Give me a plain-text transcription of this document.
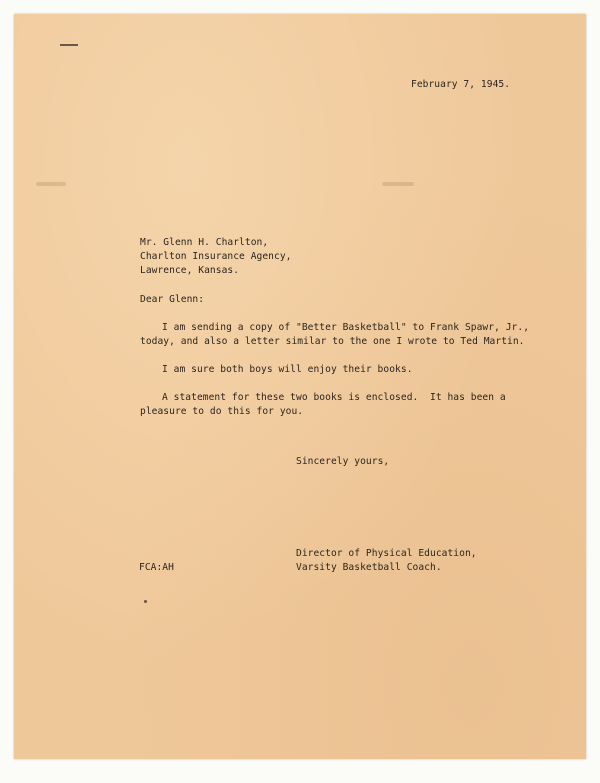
February 7, 1945.
Mr. Glenn H. Charlton,
Charlton Insurance Agency,
Lawrence, Kansas.
Dear Glenn:
I am sending a copy of "Better Basketball" to Frank Spawr, Jr.,
today, and also a letter similar to the one I wrote to Ted Martin.
I am sure both boys will enjoy their books.
A statement for these two books is enclosed.  It has been a
pleasure to do this for you.
Sincerely yours,
Director of Physical Education,
Varsity Basketball Coach.
FCA:AH
